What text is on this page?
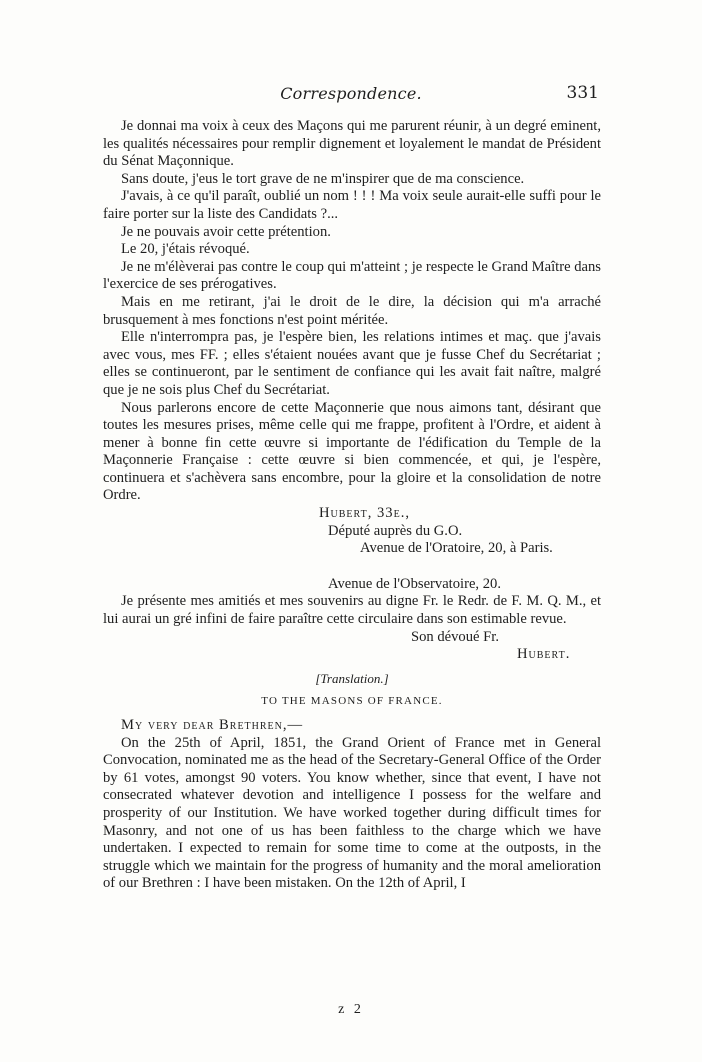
Correspondence.	331

Je donnai ma voix à ceux des Maçons qui me parurent réunir, à un degré eminent, les qualités nécessaires pour remplir dignement et loyalement le mandat de Président du Sénat Maçonnique.

Sans doute, j'eus le tort grave de ne m'inspirer que de ma conscience.

J'avais, à ce qu'il paraît, oublié un nom ! ! ! Ma voix seule aurait-elle suffi pour le faire porter sur la liste des Candidats ?...

Je ne pouvais avoir cette prétention.

Le 20, j'étais révoqué.

Je ne m'élèverai pas contre le coup qui m'atteint ; je respecte le Grand Maître dans l'exercice de ses prérogatives.

Mais en me retirant, j'ai le droit de le dire, la décision qui m'a arraché brusquement à mes fonctions n'est point méritée.

Elle n'interrompra pas, je l'espère bien, les relations intimes et maç. que j'avais avec vous, mes FF. ; elles s'étaient nouées avant que je fusse Chef du Secrétariat ; elles se continueront, par le sentiment de confiance qui les avait fait naître, malgré que je ne sois plus Chef du Secrétariat.

Nous parlerons encore de cette Maçonnerie que nous aimons tant, désirant que toutes les mesures prises, même celle qui me frappe, profitent à l'Ordre, et aident à mener à bonne fin cette œuvre si importante de l'édification du Temple de la Maçonnerie Française : cette œuvre si bien commencée, et qui, je l'espère, continuera et s'achèvera sans encombre, pour la gloire et la consolidation de notre Ordre.

Hubert, 33e.,

Député auprès du G.O.

Avenue de l'Oratoire, 20, à Paris.

Avenue de l'Observatoire, 20.

Je présente mes amitiés et mes souvenirs au digne Fr. le Redr. de F. M. Q. M., et lui aurai un gré infini de faire paraître cette circulaire dans son estimable revue.

Son dévoué Fr.

Hubert.

[Translation.]

TO THE MASONS OF FRANCE.

My very dear Brethren,—

On the 25th of April, 1851, the Grand Orient of France met in General Convocation, nominated me as the head of the Secretary-General Office of the Order by 61 votes, amongst 90 voters. You know whether, since that event, I have not consecrated whatever devotion and intelligence I possess for the welfare and prosperity of our Institution. We have worked together during difficult times for Masonry, and not one of us has been faithless to the charge which we have undertaken. I expected to remain for some time to come at the outposts, in the struggle which we maintain for the progress of humanity and the moral amelioration of our Brethren : I have been mistaken. On the 12th of April, I

z 2
